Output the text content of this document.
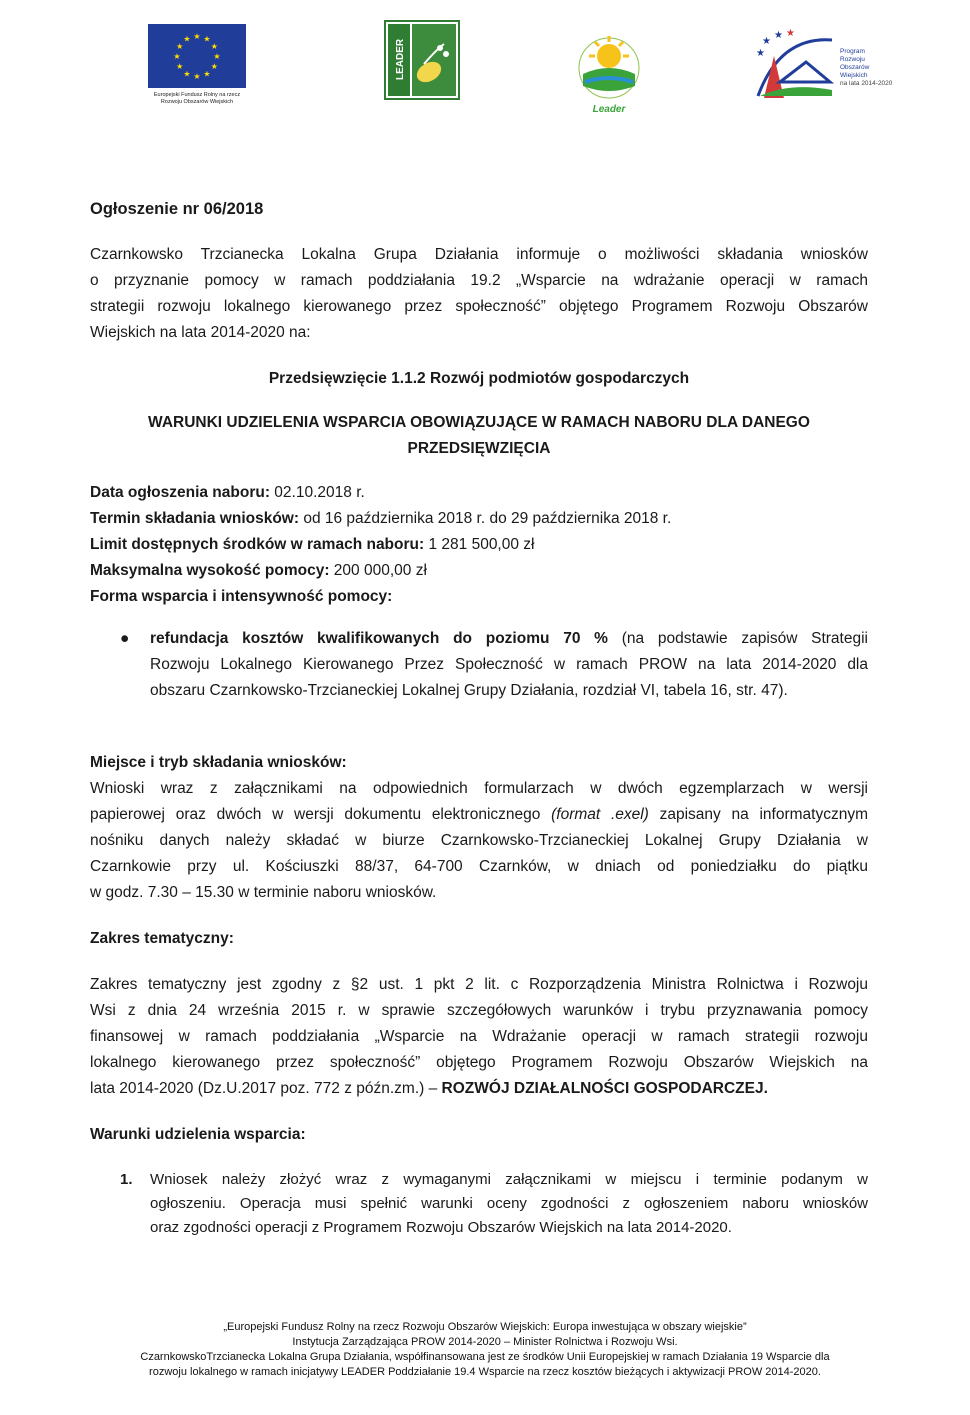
★
★
★
★
★
★
★
★
★ ★ ★
★
Europejski Fundusz Rolny na rzecz
Rozwoju Obszarów Wiejskich
LEADER
Leader
★
★
★
★
Program
Rozwoju
Obszarów
Wiejskich
na lata 2014-2020

Ogłoszenie nr 06/2018

Czarnkowsko Trzcianecka Lokalna Grupa Działania informuje o możliwości składania wniosków

o przyznanie pomocy w ramach poddziałania 19.2 „Wsparcie na wdrażanie operacji w ramach

strategii rozwoju lokalnego kierowanego przez społeczność” objętego Programem Rozwoju Obszarów

Wiejskich na lata 2014-2020 na:

Przedsięwzięcie 1.1.2 Rozwój podmiotów gospodarczych

WARUNKI UDZIELENIA WSPARCIA OBOWIĄZUJĄCE W RAMACH NABORU DLA DANEGO

PRZEDSIĘWZIĘCIA

Data ogłoszenia naboru: 02.10.2018 r.

Termin składania wniosków: od 16 października 2018 r. do 29 października 2018 r.

Limit dostępnych środków w ramach naboru: 1 281 500,00 zł

Maksymalna wysokość pomocy: 200 000,00 zł

Forma wsparcia i intensywność pomocy:

● refundacja kosztów kwalifikowanych do poziomu 70 % (na podstawie zapisów Strategii

Rozwoju Lokalnego Kierowanego Przez Społeczność w ramach PROW na lata 2014-2020 dla

obszaru Czarnkowsko-Trzcianeckiej Lokalnej Grupy Działania, rozdział VI, tabela 16, str. 47).

Miejsce i tryb składania wniosków:

Wnioski wraz z załącznikami na odpowiednich formularzach w dwóch egzemplarzach w wersji

papierowej oraz dwóch w wersji dokumentu elektronicznego (format .exel) zapisany na informatycznym

nośniku danych należy składać w biurze Czarnkowsko-Trzcianeckiej Lokalnej Grupy Działania w

Czarnkowie przy ul. Kościuszki 88/37, 64-700 Czarnków, w dniach od poniedziałku do piątku

w godz. 7.30 – 15.30 w terminie naboru wniosków.

Zakres tematyczny:

Zakres tematyczny jest zgodny z §2 ust. 1 pkt 2 lit. c Rozporządzenia Ministra Rolnictwa i Rozwoju

Wsi z dnia 24 września 2015 r. w sprawie szczegółowych warunków i trybu przyznawania pomocy

finansowej w ramach poddziałania „Wsparcie na Wdrażanie operacji w ramach strategii rozwoju

lokalnego kierowanego przez społeczność” objętego Programem Rozwoju Obszarów Wiejskich na

lata 2014-2020 (Dz.U.2017 poz. 772 z późn.zm.) – ROZWÓJ DZIAŁALNOŚCI GOSPODARCZEJ.

Warunki udzielenia wsparcia:

1. Wniosek należy złożyć wraz z wymaganymi załącznikami w miejscu i terminie podanym w

ogłoszeniu. Operacja musi spełnić warunki oceny zgodności z ogłoszeniem naboru wniosków

oraz zgodności operacji z Programem Rozwoju Obszarów Wiejskich na lata 2014-2020.

„Europejski Fundusz Rolny na rzecz Rozwoju Obszarów Wiejskich: Europa inwestująca w obszary wiejskie”
Instytucja Zarządzająca PROW 2014-2020 – Minister Rolnictwa i Rozwoju Wsi.
CzarnkowskoTrzcianecka Lokalna Grupa Działania, współfinansowana jest ze środków Unii Europejskiej w ramach Działania 19 Wsparcie dla
rozwoju lokalnego w ramach inicjatywy LEADER Poddziałanie 19.4 Wsparcie na rzecz kosztów bieżących i aktywizacji PROW 2014-2020.
